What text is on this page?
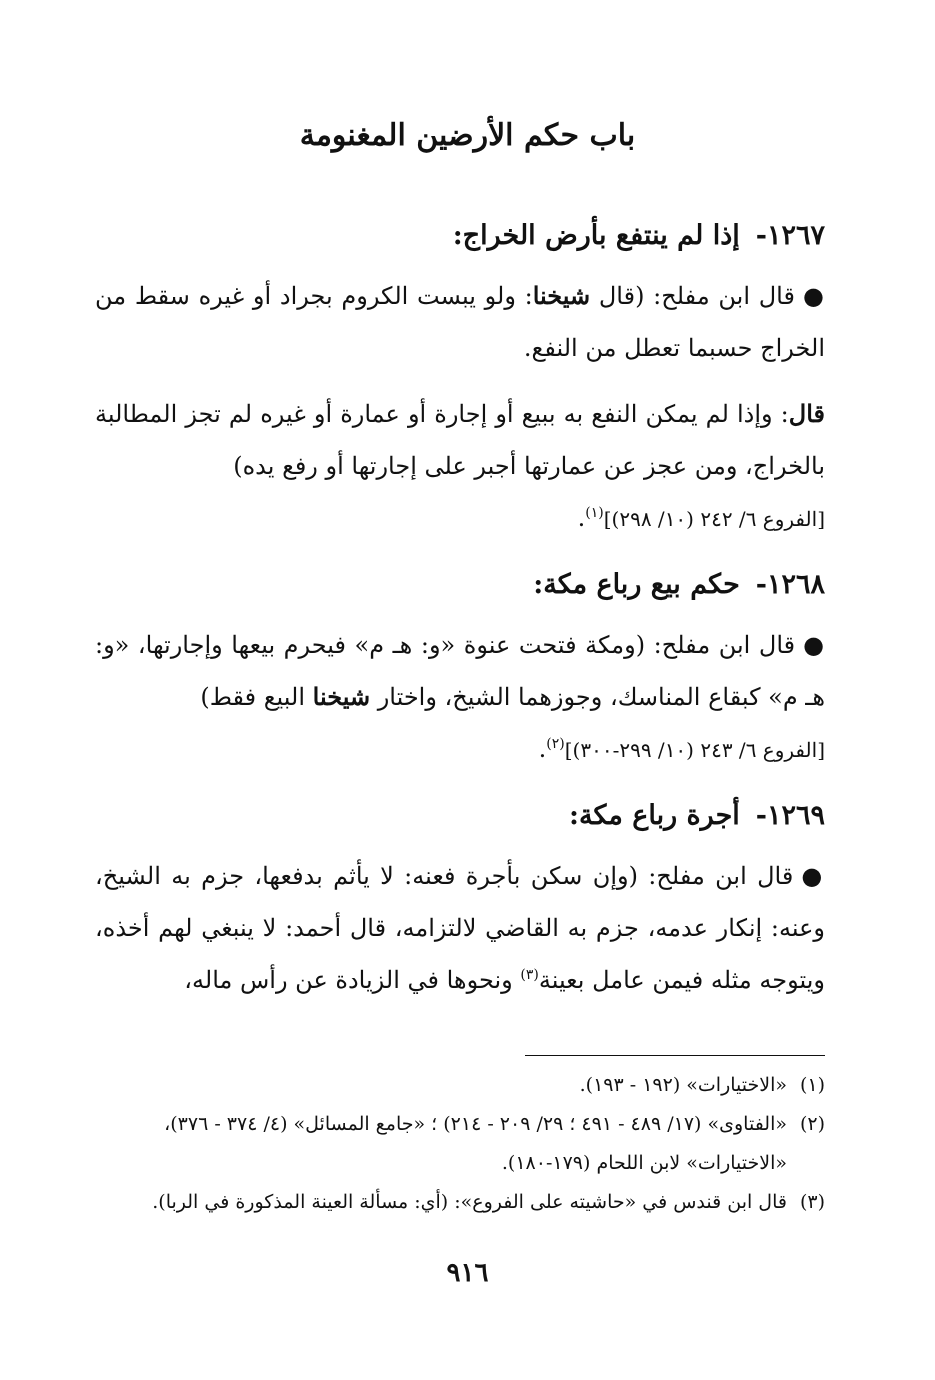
باب حكم الأرضين المغنومة
١٢٦٧-
إذا لم ينتفع بأرض الخراج:

●قال ابن مفلح: (قال شيخنا: ولو يبست الكروم بجراد أو غيره سقط من الخراج حسبما تعطل من النفع.

قال: وإذا لم يمكن النفع به ببيع أو إجارة أو عمارة أو غيره لم تجز المطالبة بالخراج، ومن عجز عن عمارتها أجبر على إجارتها أو رفع يده)
[الفروع ٦/ ٢٤٢ (١٠/ ٢٩٨)]$^{(١)}$.

١٢٦٨-
حكم بيع رباع مكة:

●قال ابن مفلح: (ومكة فتحت عنوة «و: هـ م» فيحرم بيعها وإجارتها، «و: هـ م» كبقاع المناسك، وجوزهما الشيخ، واختار شيخنا البيع فقط)
[الفروع ٦/ ٢٤٣ (١٠/ ٢٩٩-٣٠٠)]$^{(٢)}$.

١٢٦٩-
أجرة رباع مكة:

●قال ابن مفلح: (وإن سكن بأجرة فعنه: لا يأثم بدفعها، جزم به الشيخ، وعنه: إنكار عدمه، جزم به القاضي لالتزامه، قال أحمد: لا ينبغي لهم أخذه، ويتوجه مثله فيمن عامل بعينة$^{(٣)}$ ونحوها في الزيادة عن رأس ماله،

(١)«الاختيارات» (١٩٢ - ١٩٣).

(٢)«الفتاوى» (١٧/ ٤٨٩ - ٤٩١ ؛ ٢٩/ ٢٠٩ - ٢١٤) ؛ «جامع المسائل» (٤/ ٣٧٤ - ٣٧٦)، «الاختيارات» لابن اللحام (١٧٩-١٨٠).

(٣)قال ابن قندس في «حاشيته على الفروع»: (أي: مسألة العينة المذكورة في الربا).

٩١٦
